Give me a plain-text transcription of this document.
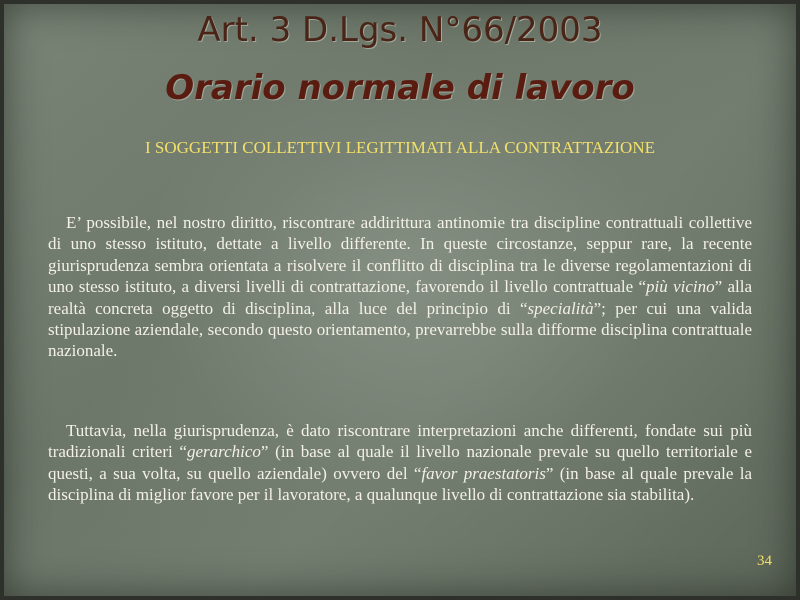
Art. 3 D.Lgs. N°66/2003
Orario normale di lavoro
I SOGGETTI COLLETTIVI LEGITTIMATI ALLA CONTRATTAZIONE
E’ possibile, nel nostro diritto, riscontrare addirittura antinomie tra discipline contrattuali collettive di uno stesso istituto, dettate a livello differente. In queste circostanze, seppur rare, la recente giurisprudenza sembra orientata a risolvere il conflitto di disciplina tra le diverse regolamentazioni di uno stesso istituto, a diversi livelli di contrattazione, favorendo il livello contrattuale “più vicino” alla realtà concreta oggetto di disciplina, alla luce del principio di “specialità”; per cui una valida stipulazione aziendale, secondo questo orientamento, prevarrebbe sulla difforme disciplina contrattuale nazionale.
Tuttavia, nella giurisprudenza, è dato riscontrare interpretazioni anche differenti, fondate sui più tradizionali criteri “gerarchico” (in base al quale il livello nazionale prevale su quello territoriale e questi, a sua volta, su quello aziendale) ovvero del “favor praestatoris” (in base al quale prevale la disciplina di miglior favore per il lavoratore, a qualunque livello di contrattazione sia stabilita).
34
